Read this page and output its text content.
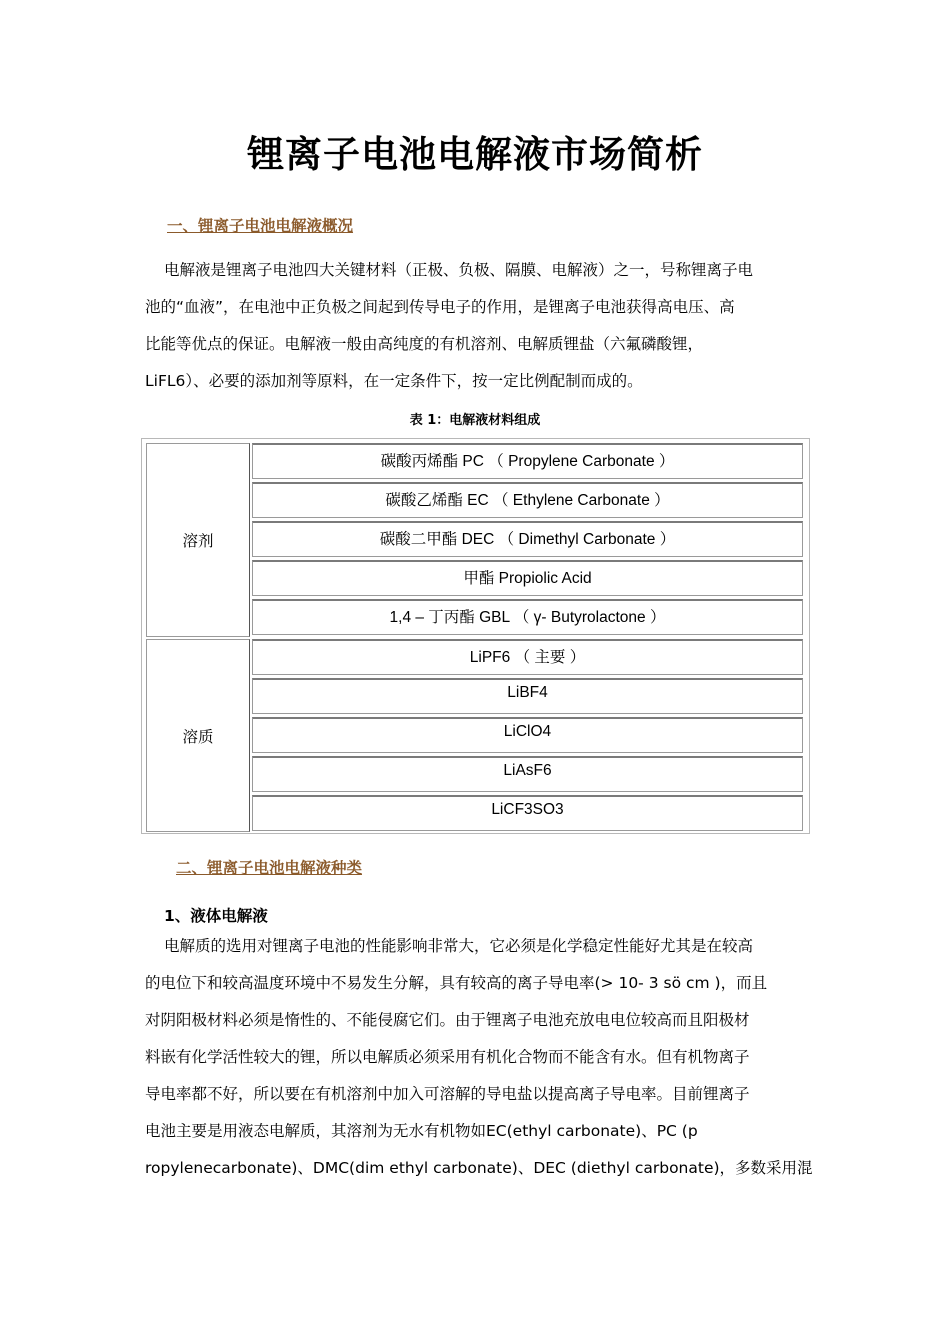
锂离子电池电解液市场简析

一、锂离子电池电解液概况

电解液是锂离子电池四大关键材料（正极、负极、隔膜、电解液）之一，号称锂离子电
池的“血液”，在电池中正负极之间起到传导电子的作用，是锂离子电池获得高电压、高
比能等优点的保证。电解液一般由高纯度的有机溶剂、电解质锂盐（六氟磷酸锂，
LiFL6）、必要的添加剂等原料，在一定条件下，按一定比例配制而成的。

表 1：电解液材料组成

溶剂
碳酸丙烯酯 PC （ Propylene Carbonate ）
碳酸乙烯酯 EC （ Ethylene Carbonate ）
碳酸二甲酯 DEC （ Dimethyl Carbonate ）
甲酯 Propiolic Acid
1,4 – 丁丙酯 GBL （ γ- Butyrolactone ）
溶质
LiPF6 （ 主要 ）
LiBF4
LiClO4
LiAsF6
LiCF3SO3

二、锂离子电池电解液种类

1、液体电解液

电解质的选用对锂离子电池的性能影响非常大，它必须是化学稳定性能好尤其是在较高
的电位下和较高温度环境中不易发生分解，具有较高的离子导电率(> 10- 3 sö cm )，而且
对阴阳极材料必须是惰性的、不能侵腐它们。由于锂离子电池充放电电位较高而且阳极材
料嵌有化学活性较大的锂，所以电解质必须采用有机化合物而不能含有水。但有机物离子
导电率都不好，所以要在有机溶剂中加入可溶解的导电盐以提高离子导电率。目前锂离子
电池主要是用液态电解质，其溶剂为无水有机物如EC(ethyl carbonate)、PC (p
ropylenecarbonate)、DMC(dim ethyl carbonate)、DEC (diethyl carbonate)，多数采用混
